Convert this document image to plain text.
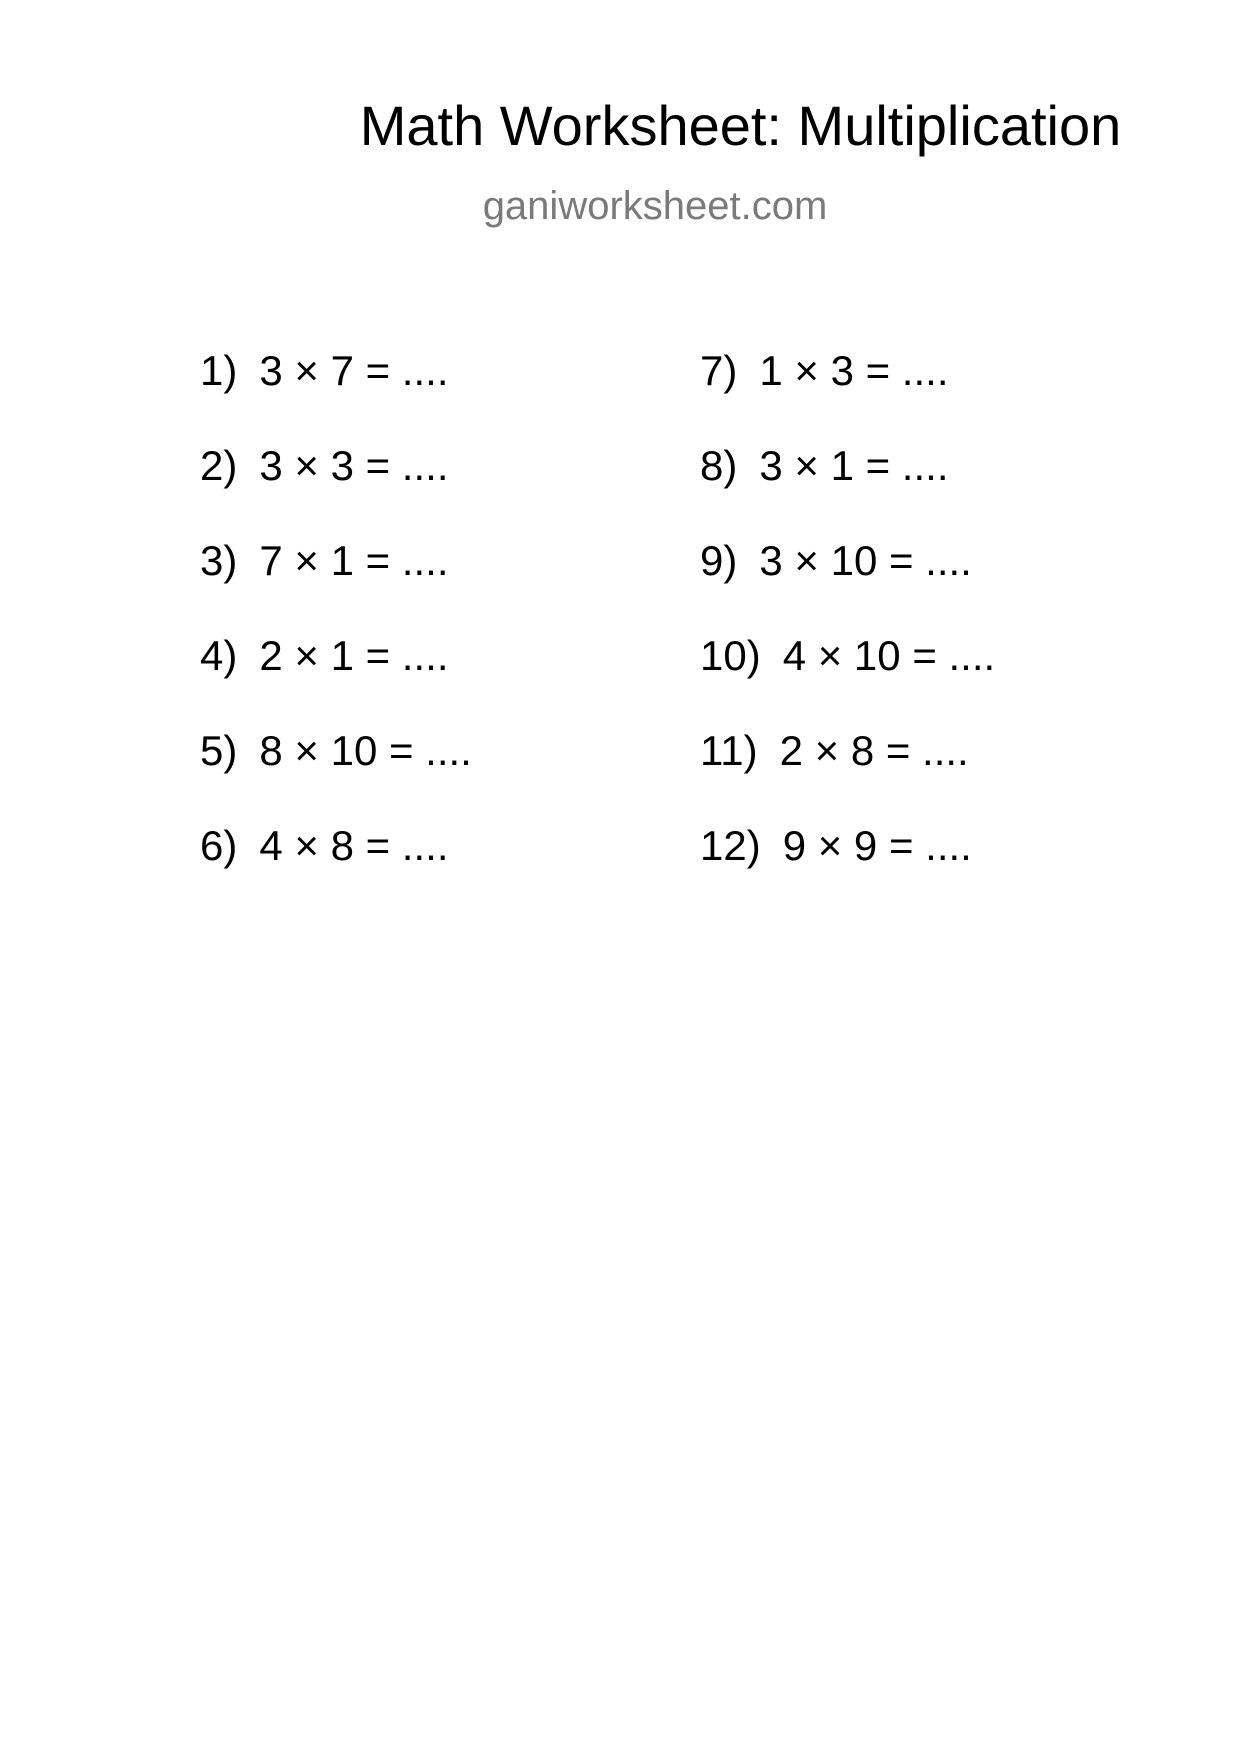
Math Worksheet: Multiplication
ganiworksheet.com
1) 3 × 7 = ....
2) 3 × 3 = ....
3) 7 × 1 = ....
4) 2 × 1 = ....
5) 8 × 10 = ....
6) 4 × 8 = ....
7) 1 × 3 = ....
8) 3 × 1 = ....
9) 3 × 10 = ....
10) 4 × 10 = ....
11) 2 × 8 = ....
12) 9 × 9 = ....
